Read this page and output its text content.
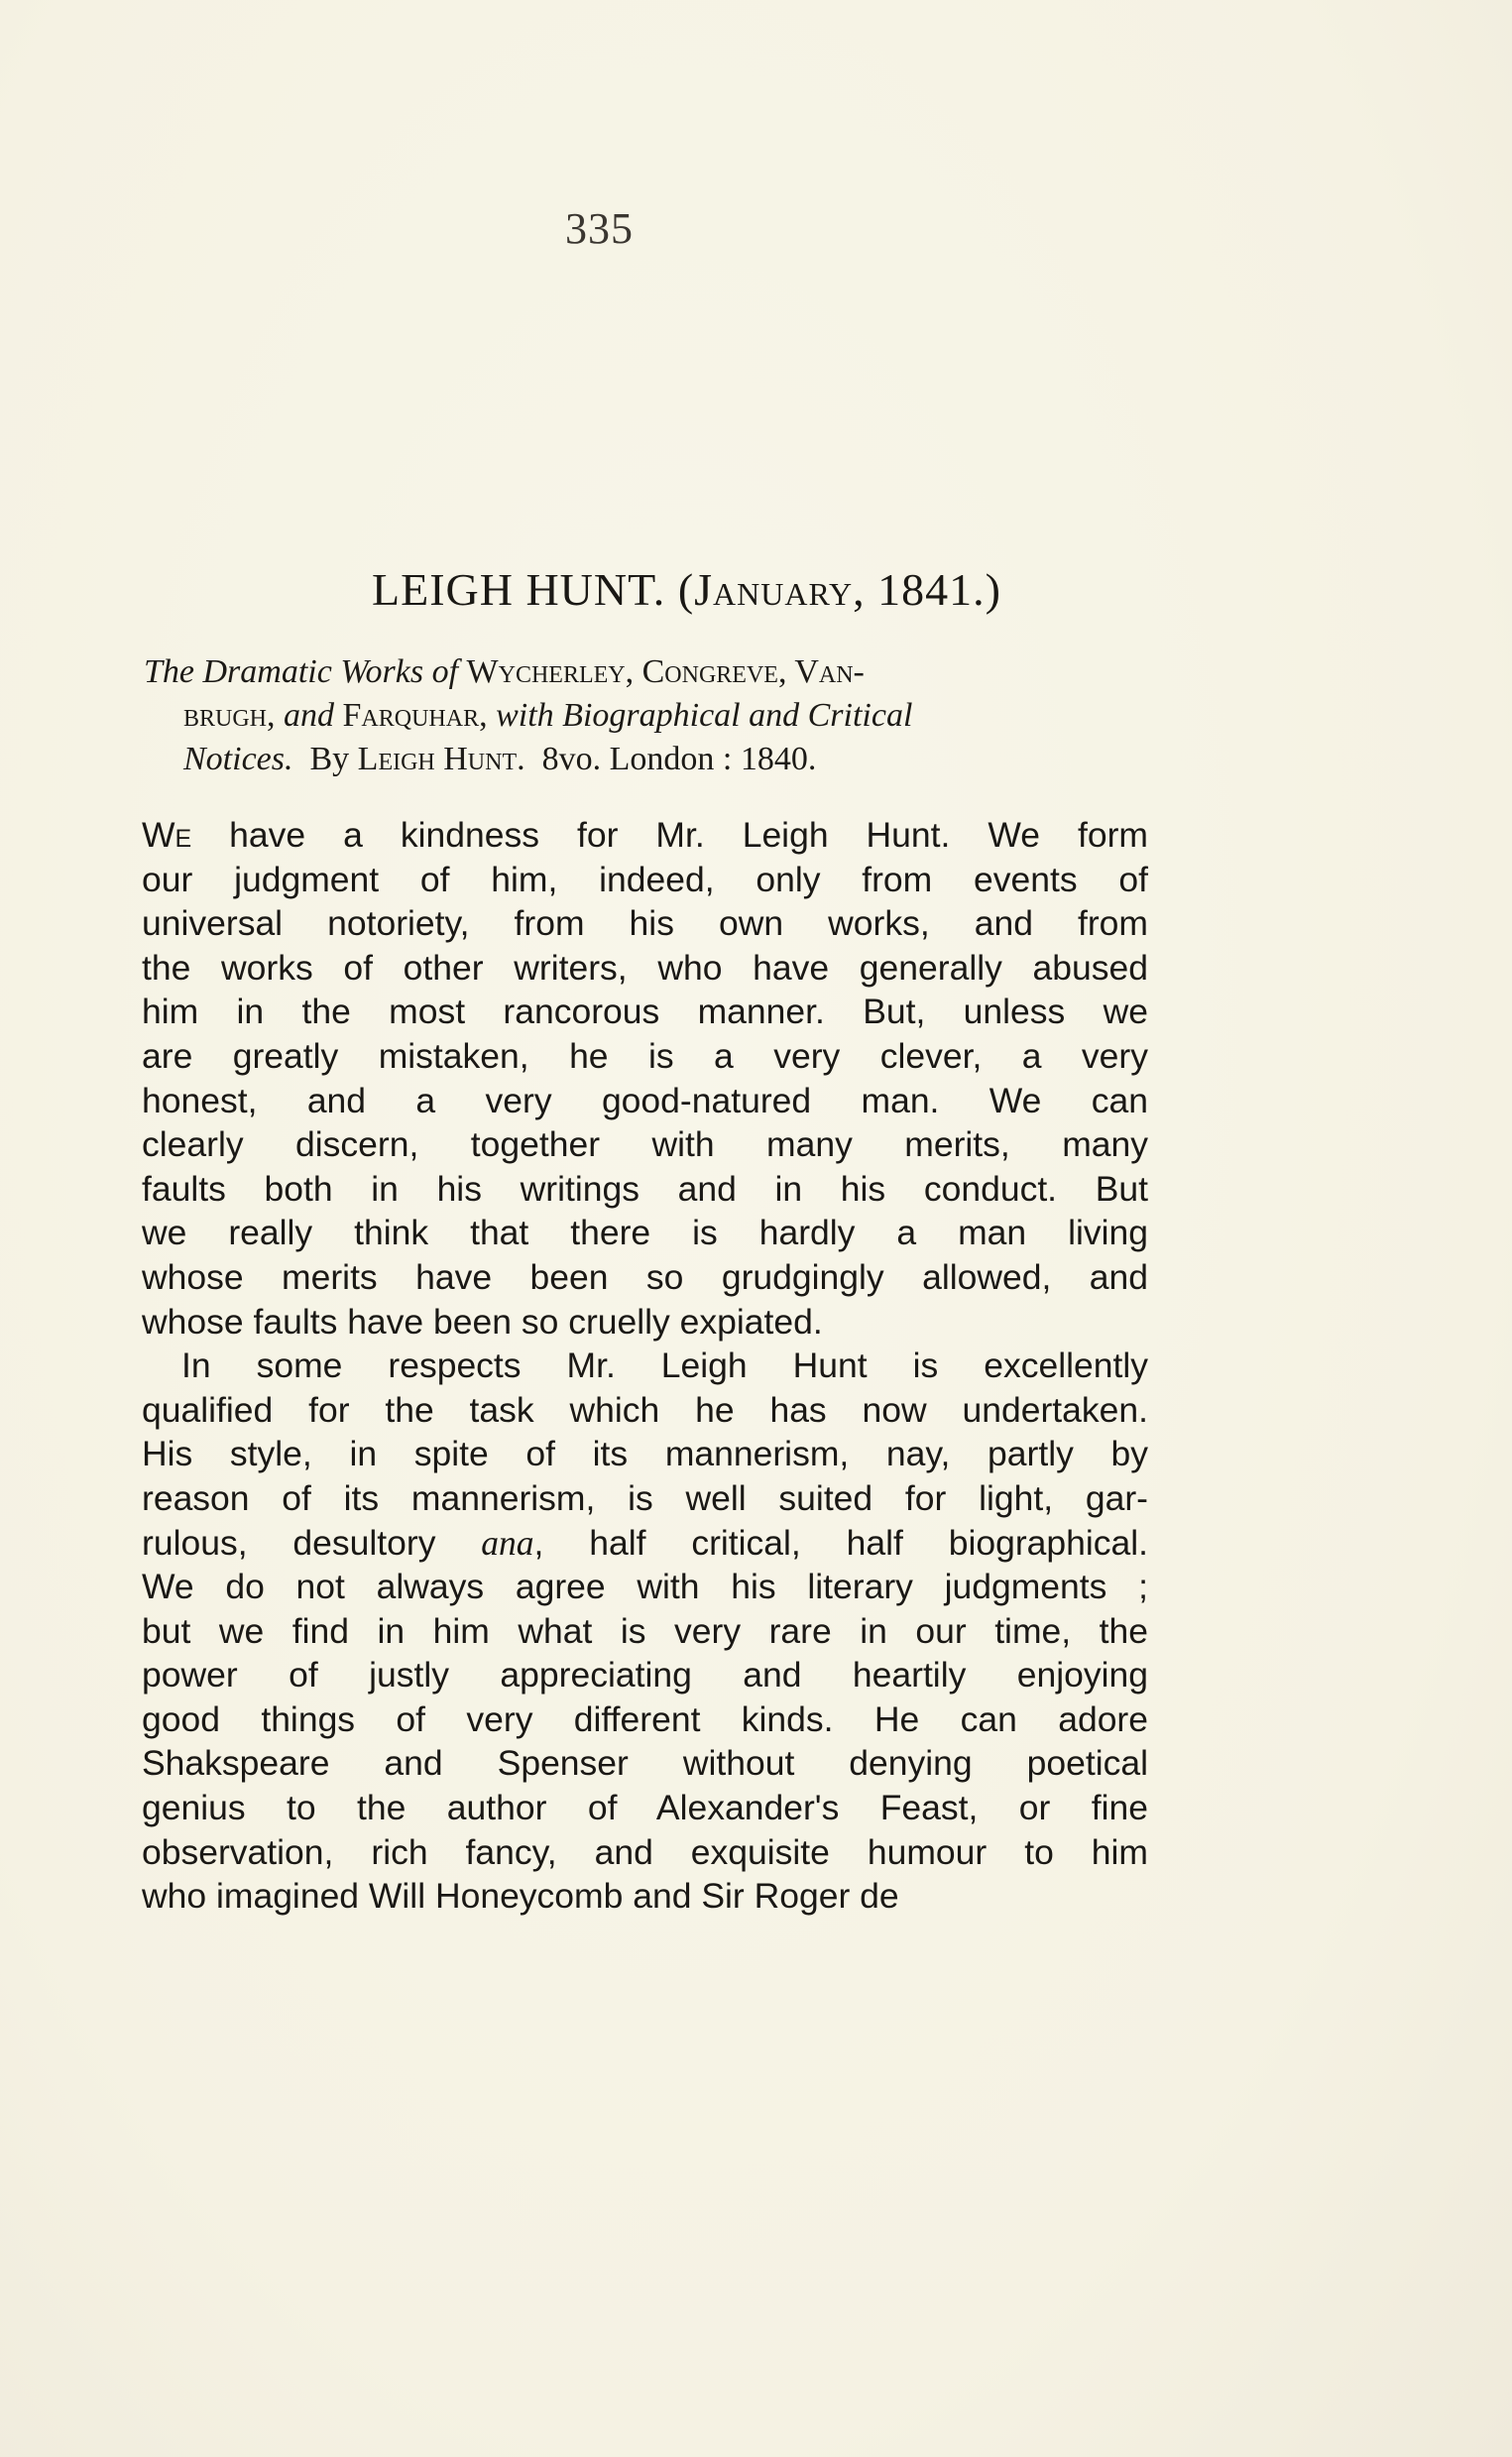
335
LEIGH HUNT. (January, 1841.)
The Dramatic Works of Wycherley, Congreve, Van-
brugh, and Farquhar, with Biographical and Critical
Notices. By Leigh Hunt. 8vo. London : 1840.
We have a kindness for Mr. Leigh Hunt. We form
our judgment of him, indeed, only from events of
universal notoriety, from his own works, and from
the works of other writers, who have generally abused
him in the most rancorous manner. But, unless we
are greatly mistaken, he is a very clever, a very
honest, and a very good-natured man. We can
clearly discern, together with many merits, many
faults both in his writings and in his conduct. But
we really think that there is hardly a man living
whose merits have been so grudgingly allowed, and
whose faults have been so cruelly expiated.
In some respects Mr. Leigh Hunt is excellently
qualified for the task which he has now undertaken.
His style, in spite of its mannerism, nay, partly by
reason of its mannerism, is well suited for light, gar-
rulous, desultory ana, half critical, half biographical.
We do not always agree with his literary judgments ;
but we find in him what is very rare in our time, the
power of justly appreciating and heartily enjoying
good things of very different kinds. He can adore
Shakspeare and Spenser without denying poetical
genius to the author of Alexander's Feast, or fine
observation, rich fancy, and exquisite humour to him
who imagined Will Honeycomb and Sir Roger de
